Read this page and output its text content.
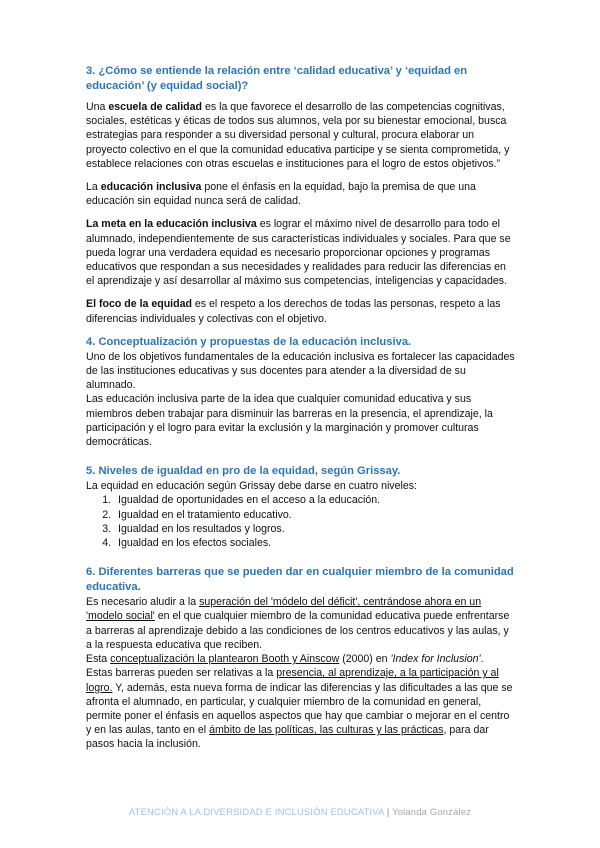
3. ¿Cómo se entiende la relación entre ‘calidad educativa’ y ‘equidad en educación’ (y equidad social)?

Una escuela de calidad es la que favorece el desarrollo de las competencias cognitivas, sociales, estéticas y éticas de todos sus alumnos, vela por su bienestar emocional, busca estrategias para responder a su diversidad personal y cultural, procura elaborar un proyecto colectivo en el que la comunidad educativa participe y se sienta comprometida, y establece relaciones con otras escuelas e instituciones para el logro de estos objetivos.”

La educación inclusiva pone el énfasis en la equidad, bajo la premisa de que una educación sin equidad nunca será de calidad.

La meta en la educación inclusiva es lograr el máximo nivel de desarrollo para todo el alumnado, independientemente de sus características individuales y sociales. Para que se pueda lograr una verdadera equidad es necesario proporcionar opciones y programas educativos que respondan a sus necesidades y realidades para reducir las diferencias en el aprendizaje y así desarrollar al máximo sus competencias, inteligencias y capacidades.

El foco de la equidad es el respeto a los derechos de todas las personas, respeto a las diferencias individuales y colectivas con el objetivo.

4. Conceptualización y propuestas de la educación inclusiva.

Uno de los objetivos fundamentales de la educación inclusiva es fortalecer las capacidades de las instituciones educativas y sus docentes para atender a la diversidad de su alumnado.

Las educación inclusiva parte de la idea que cualquier comunidad educativa y sus miembros deben trabajar para disminuir las barreras en la presencia, el aprendizaje, la participación y el logro para evitar la exclusión y la marginación y promover culturas democráticas.

5. Niveles de igualdad en pro de la equidad, según Grissay.

La equidad en educación según Grissay debe darse en cuatro niveles:

1. Igualdad de oportunidades en el acceso a la educación.
2. Igualdad en el tratamiento educativo.
3. Igualdad en los resultados y logros.
4. Igualdad en los efectos sociales.
6. Diferentes barreras que se pueden dar en cualquier miembro de la comunidad educativa.

Es necesario aludir a la superación del 'módelo del déficit', centrándose ahora en un 'modelo social' en el que cualquier miembro de la comunidad educativa puede enfrentarse a barreras al aprendizaje debido a las condiciones de los centros educativos y las aulas, y a la respuesta educativa que reciben.

Esta conceptualización la plantearon Booth y Ainscow (2000) en 'Index for Inclusion'.

Estas barreras pueden ser relativas a la presencia, al aprendizaje, a la participación y al logro. Y, además, esta nueva forma de indicar las diferencias y las dificultades a las que se afronta el alumnado, en particular, y cualquier miembro de la comunidad en general, permite poner el énfasis en aquellos aspectos que hay que cambiar o mejorar en el centro y en las aulas, tanto en el ámbito de las políticas, las culturas y las prácticas, para dar pasos hacia la inclusión.

ATENCIÓN A LA DIVERSIDAD E INCLUSIÓN EDUCATIVA | Yolanda González
